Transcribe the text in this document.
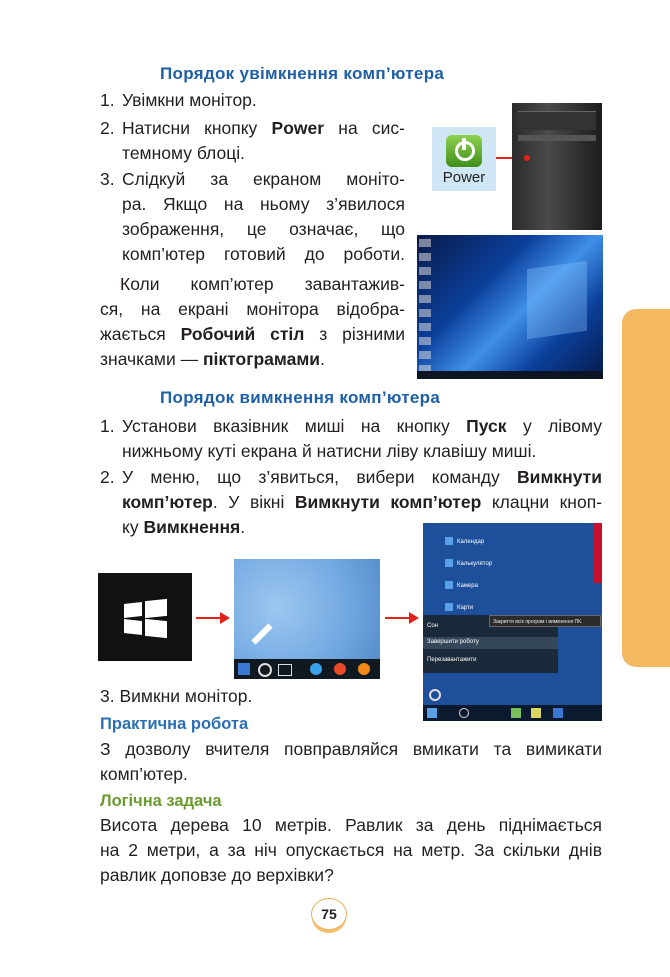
Порядок увімкнення комп’ютера
1. Увімкни монітор.
2. Натисни кнопку Power на сис-
темному блоці.
3. Слідкуй за екраном моніто-
ра. Якщо на ньому з’явилося
зображення, це означає, що
комп’ютер готовий до роботи.
Коли комп’ютер завантажив-
ся, на екрані монітора відобра-
жається Робочий стіл з різними
значками — піктограмами.
Power
Порядок вимкнення комп’ютера
1. Установи вказівник миші на кнопку Пуск у лівому
нижньому куті екрана й натисни ліву клавішу миші.
2. У меню, що з’явиться, вибери команду Вимкнути
комп’ютер. У вікні Вимкнути комп’ютер клацни кноп-
ку Вимкнення.
Календар
Калькулятор
Камера
Карти
Сон
Завершити роботу
Перезавантажити
Закриття всіх програм і вимкнення ПК.
3. Вимкни монітор.
Практична робота
З дозволу вчителя повправляйся вмикати та вимикати
комп’ютер.
Логічна задача
Висота дерева 10 метрів. Равлик за день піднімається
на 2 метри, а за ніч опускається на метр. За скільки днів
равлик доповзе до верхівки?
75
